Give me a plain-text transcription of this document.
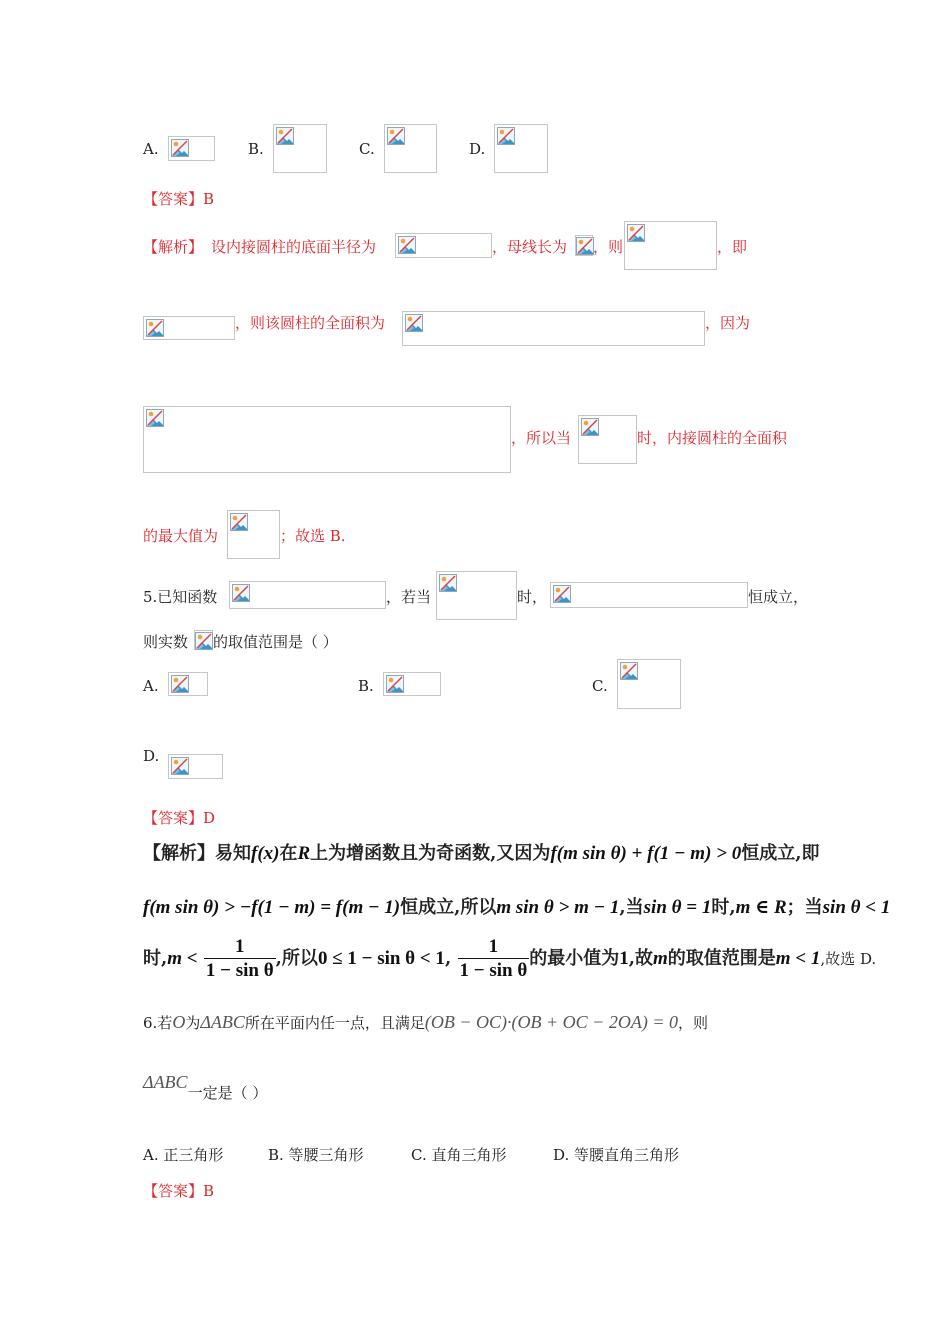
A.	B.	C.	D.
【答案】B
【解析】 设内接圆柱的底面半径为	，母线长为 ，则	，即
，则该圆柱的全面积为	，因为
，所以当	时，内接圆柱的全面积
的最大值为	；故选 B.
5.已知函数	，若当	时，	恒成立，
则实数 的取值范围是（ ）
A.	B.	C.
D.
【答案】D
【解析】易知f(x)在R上为增函数且为奇函数,又因为f(m sin θ) + f(1 − m) > 0恒成立,即
f(m sin θ) > −f(1 − m) = f(m − 1)恒成立,所以m sin θ > m − 1,当sin θ = 1时,m ∈ R；当sin θ < 1
时$,m < \frac{1}{\text{1 − sin θ}}$ ,所以0 ≤ 1 − sin θ < 1, $\frac{1}{\text{1 − sin θ}}$ 的最小值为1,故m的取值范围是m < 1,故选 D.
6.若O为ΔABC所在平面内任一点，且满足(OB − OC)·(OB + OC − 2OA) = 0，则
ΔABC一定是（ ）
A. 正三角形	B. 等腰三角形	C. 直角三角形	D. 等腰直角三角形
【答案】B
